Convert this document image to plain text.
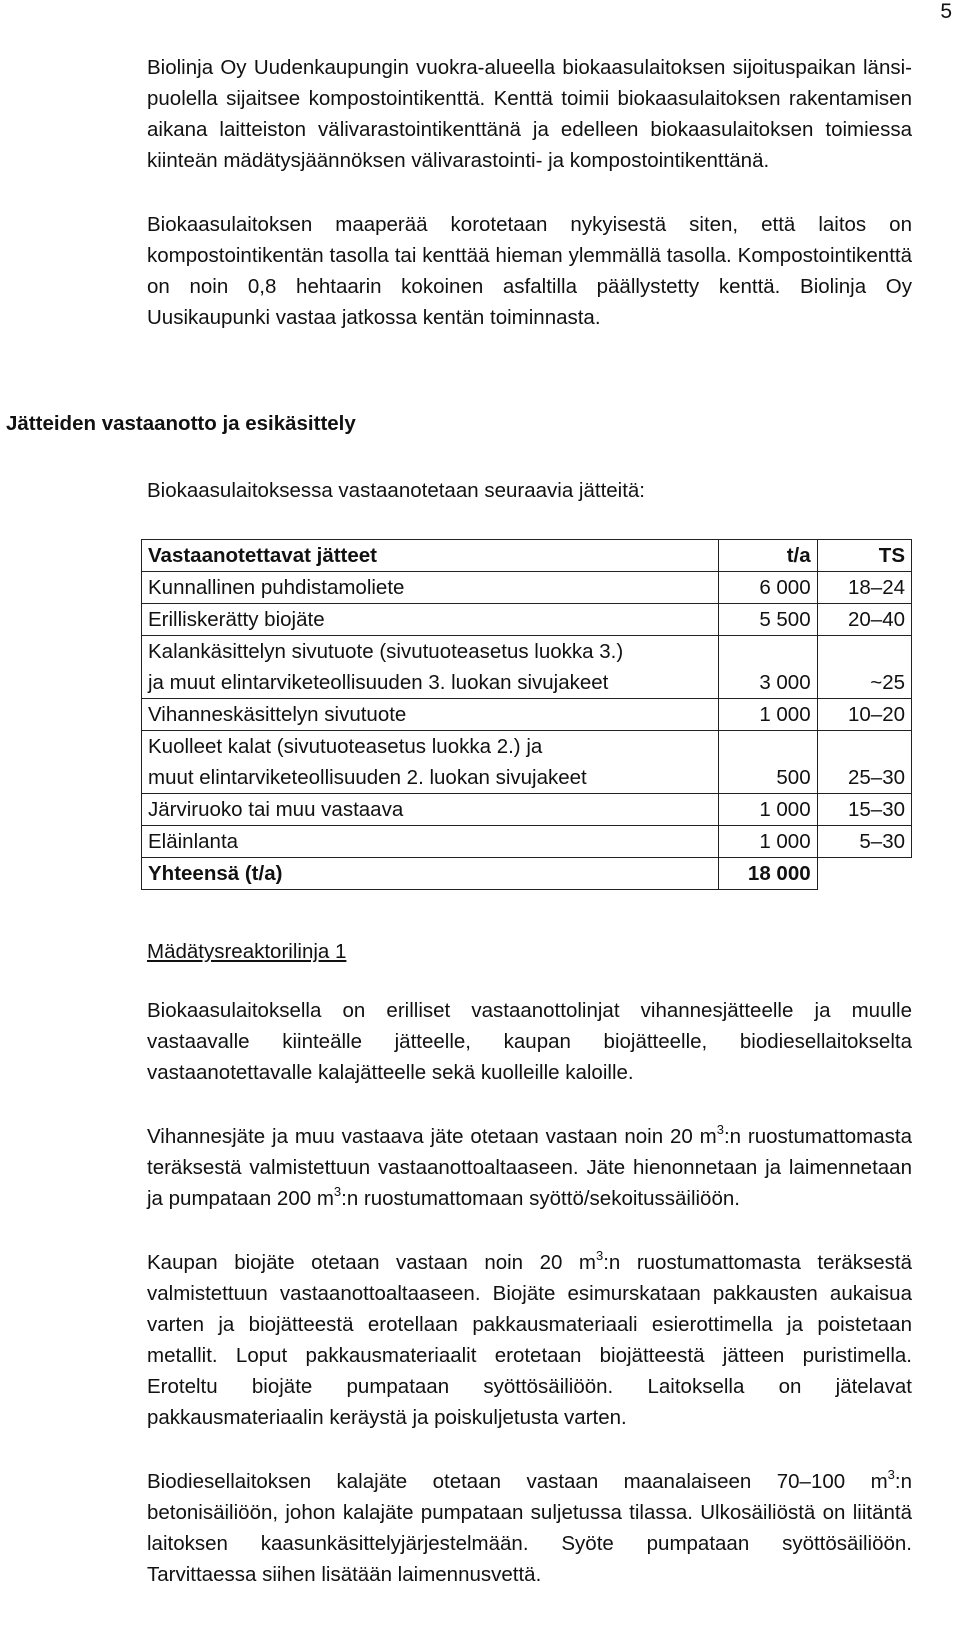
5

Biolinja Oy Uudenkaupungin vuokra-alueella biokaasulaitoksen sijoituspaikan länsi-puolella sijaitsee kompostointikenttä. Kenttä toimii biokaasulaitoksen rakentamisen aikana laitteiston välivarastointikenttänä ja edelleen biokaasulaitoksen toimiessa kiinteän mädätysjäännöksen välivarastointi- ja kompostointikenttänä.

Biokaasulaitoksen maaperää korotetaan nykyisestä siten, että laitos on kompostointikentän tasolla tai kenttää hieman ylemmällä tasolla. Kompostointikenttä on noin 0,8 hehtaarin kokoinen asfaltilla päällystetty kenttä. Biolinja Oy Uusikaupunki vastaa jatkossa kentän toiminnasta.

Jätteiden vastaanotto ja esikäsittely

Biokaasulaitoksessa vastaanotetaan seuraavia jätteitä:

Vastaanotettavat jätteet	t/a	TS

Kunnallinen puhdistamoliete	6 000	18–24

Erilliskerätty biojäte	5 500	20–40

Kalankäsittelyn sivutuote (sivutuoteasetus luokka 3.)
ja muut elintarviketeollisuuden 3. luokan sivujakeet	3 000	~25

Vihanneskäsittelyn sivutuote	1 000	10–20

Kuolleet kalat (sivutuoteasetus luokka 2.) ja
muut elintarviketeollisuuden 2. luokan sivujakeet	500	25–30

Järviruoko tai muu vastaava	1 000	15–30

Eläinlanta	1 000	5–30
Yhteensä (t/a)	18 000	

Mädätysreaktorilinja 1

Biokaasulaitoksella on erilliset vastaanottolinjat vihannesjätteelle ja muulle vastaavalle kiinteälle jätteelle, kaupan biojätteelle, biodiesellaitokselta vastaanotettavalle kalajätteelle sekä kuolleille kaloille.

Vihannesjäte ja muu vastaava jäte otetaan vastaan noin 20 $m^3:n$ ruostumattomasta teräksestä valmistettuun vastaanottoaltaaseen. Jäte hienonnetaan ja laimennetaan ja pumpataan 200 $m^3:n$ ruostumattomaan syöttö/sekoitussäiliöön.

Kaupan biojäte otetaan vastaan noin 20 $m^3:n$ ruostumattomasta teräksestä valmistettuun vastaanottoaltaaseen. Biojäte esimurskataan pakkausten aukaisua varten ja biojätteestä erotellaan pakkausmateriaali esierottimella ja poistetaan metallit. Loput pakkausmateriaalit erotetaan biojätteestä jätteen puristimella. Eroteltu biojäte pumpataan syöttösäiliöön. Laitoksella on jätelavat pakkausmateriaalin keräystä ja poiskuljetusta varten.

Biodiesellaitoksen kalajäte otetaan vastaan maanalaiseen 70–100 $m^3:n$ betonisäiliöön, johon kalajäte pumpataan suljetussa tilassa. Ulkosäiliöstä on liitäntä laitoksen kaasunkäsittelyjärjestelmään. Syöte pumpataan syöttösäiliöön. Tarvittaessa siihen lisätään laimennusvettä.
